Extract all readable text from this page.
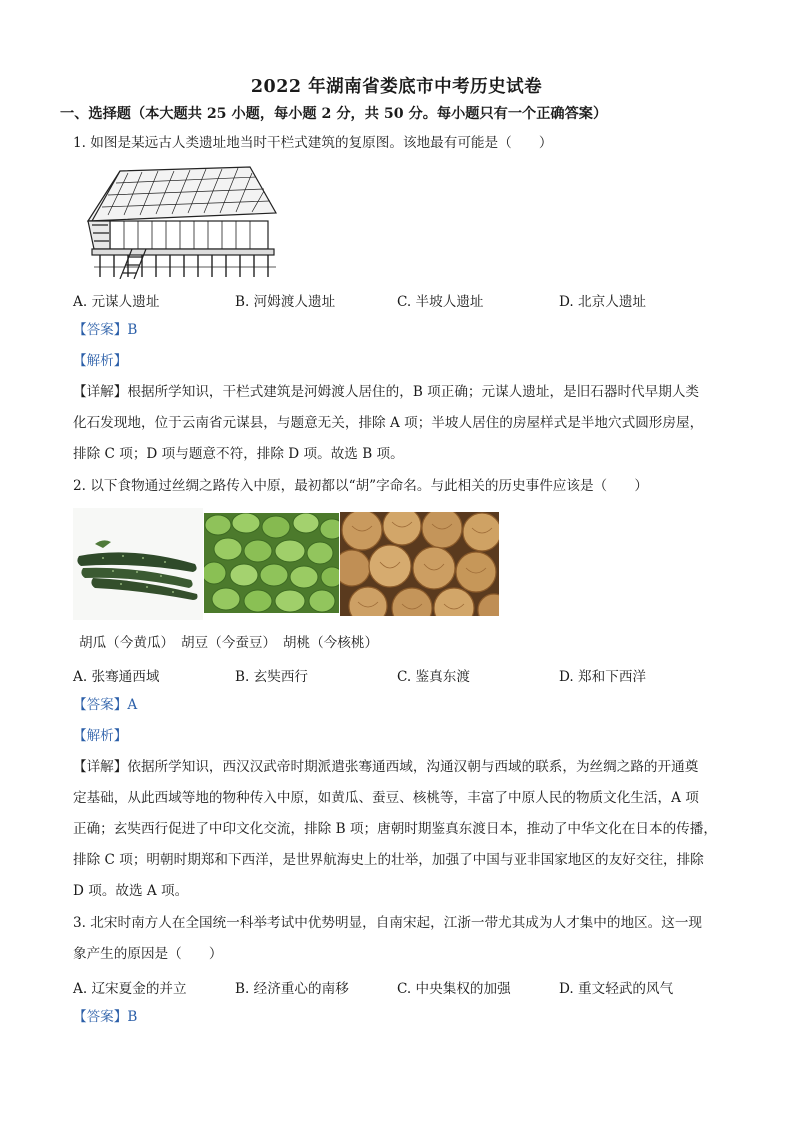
2022 年湖南省娄底市中考历史试卷
一、选择题（本大题共 25 小题，每小题 2 分，共 50 分。每小题只有一个正确答案）
1. 如图是某远古人类遗址地当时干栏式建筑的复原图。该地最有可能是（　　）
A. 元谋人遗址	B. 河姆渡人遗址	C. 半坡人遗址	D. 北京人遗址
【答案】B
【解析】
【详解】根据所学知识，干栏式建筑是河姆渡人居住的，B 项正确；元谋人遗址，是旧石器时代早期人类
化石发现地，位于云南省元谋县，与题意无关，排除 A 项；半坡人居住的房屋样式是半地穴式圆形房屋，
排除 C 项；D 项与题意不符，排除 D 项。故选 B 项。
2. 以下食物通过丝绸之路传入中原，最初都以“胡”字命名。与此相关的历史事件应该是（　　）
胡瓜（今黄瓜）　胡豆（今蚕豆）　胡桃（今核桃）
A. 张骞通西域	B. 玄奘西行	C. 鉴真东渡	D. 郑和下西洋
【答案】A
【解析】
【详解】依据所学知识，西汉汉武帝时期派遣张骞通西域，沟通汉朝与西域的联系，为丝绸之路的开通奠
定基础，从此西域等地的物种传入中原，如黄瓜、蚕豆、核桃等，丰富了中原人民的物质文化生活，A 项
正确；玄奘西行促进了中印文化交流，排除 B 项；唐朝时期鉴真东渡日本，推动了中华文化在日本的传播，
排除 C 项；明朝时期郑和下西洋，是世界航海史上的壮举，加强了中国与亚非国家地区的友好交往，排除
D 项。故选 A 项。
3. 北宋时南方人在全国统一科举考试中优势明显，自南宋起，江浙一带尤其成为人才集中的地区。这一现
象产生的原因是（　　）
A. 辽宋夏金的并立	B. 经济重心的南移	C. 中央集权的加强	D. 重文轻武的风气
【答案】B
